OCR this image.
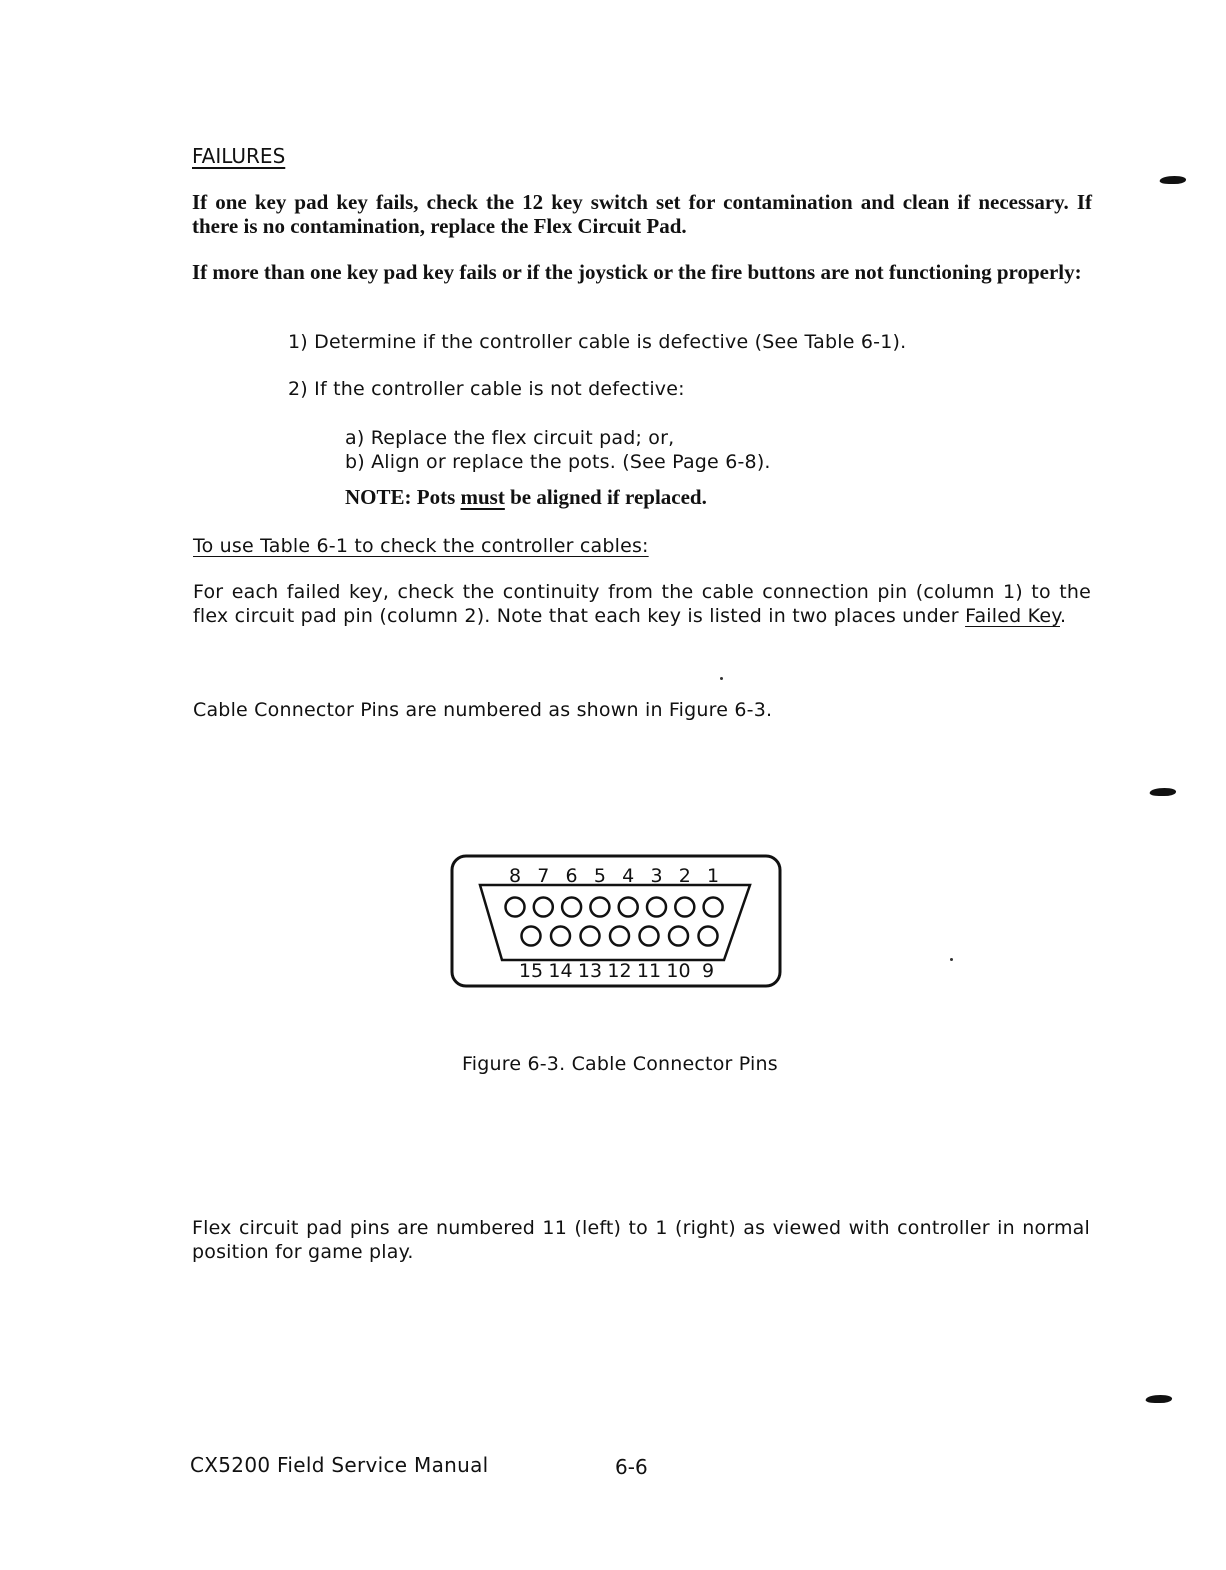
FAILURES

If one key pad key fails, check the 12 key switch set for contamination and clean if necessary. If there is no contamination, replace the Flex Circuit Pad.

If more than one key pad key fails or if the joystick or the fire buttons are not functioning properly:

1) Determine if the controller cable is defective (See Table 6-1).
2) If the controller cable is not defective:
a) Replace the flex circuit pad; or,
b) Align or replace the pots. (See Page 6-8).
NOTE: Pots must be aligned if replaced.
To use Table 6-1 to check the controller cables:

For each failed key, check the continuity from the cable connection pin (column 1) to the flex circuit pad pin (column 2). Note that each key is listed in two places under Failed Key.

Cable Connector Pins are numbered as shown in Figure 6-3.
8 7 6 5 4 3 2 1
15 14 13 12 11 10 9
Figure 6-3. Cable Connector Pins

Flex circuit pad pins are numbered 11 (left) to 1 (right) as viewed with controller in normal position for game play.

CX5200 Field Service Manual	6-6
